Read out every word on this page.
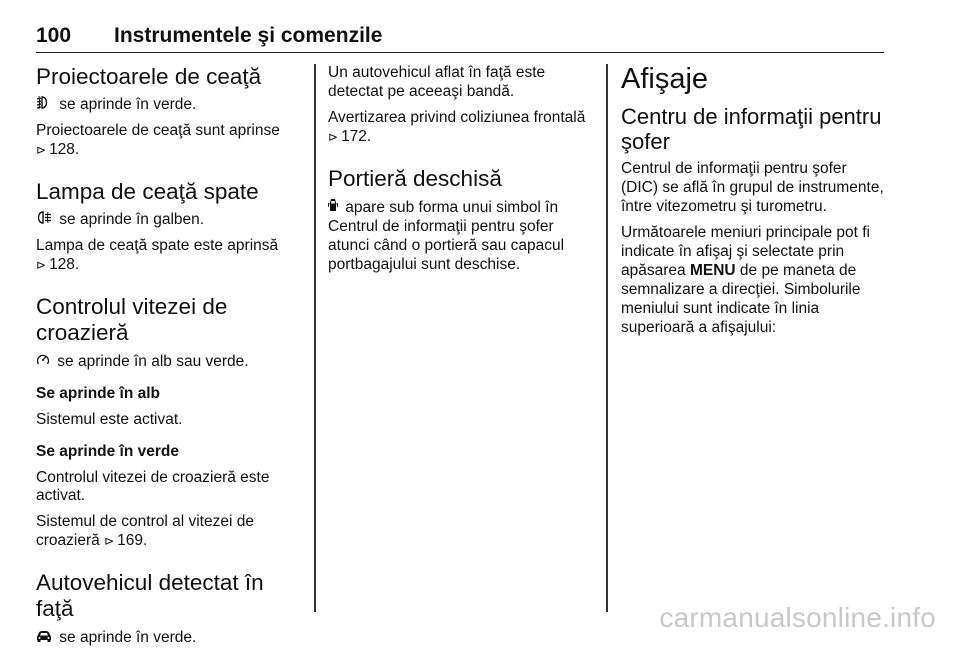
100 Instrumentele şi comenzile
Proiectoarele de ceaţă

se aprinde în verde.

Proiectoarele de ceaţă sunt aprinse
⊳ 128.

Lampa de ceaţă spate

se aprinde în galben.

Lampa de ceaţă spate este aprinsă
⊳ 128.

Controlul vitezei de croazieră

se aprinde în alb sau verde.

Se aprinde în alb

Sistemul este activat.

Se aprinde în verde

Controlul vitezei de croazieră este activat.

Sistemul de control al vitezei de croazieră ⊳ 169.

Autovehicul detectat în faţă

se aprinde în verde.

Un autovehicul aflat în faţă este detectat pe aceeaşi bandă.

Avertizarea privind coliziunea frontală
⊳ 172.

Portieră deschisă

apare sub forma unui simbol în Centrul de informaţii pentru şofer atunci când o portieră sau capacul portbagajului sunt deschise.

Afişaje
Centru de informaţii pentru şofer

Centrul de informaţii pentru şofer (DIC) se află în grupul de instrumente, între vitezometru şi turometru.

Următoarele meniuri principale pot fi indicate în afişaj şi selectate prin apăsarea MENU de pe maneta de semnalizare a direcţiei. Simbolurile meniului sunt indicate în linia superioară a afişajului:

carmanualsonline.info
